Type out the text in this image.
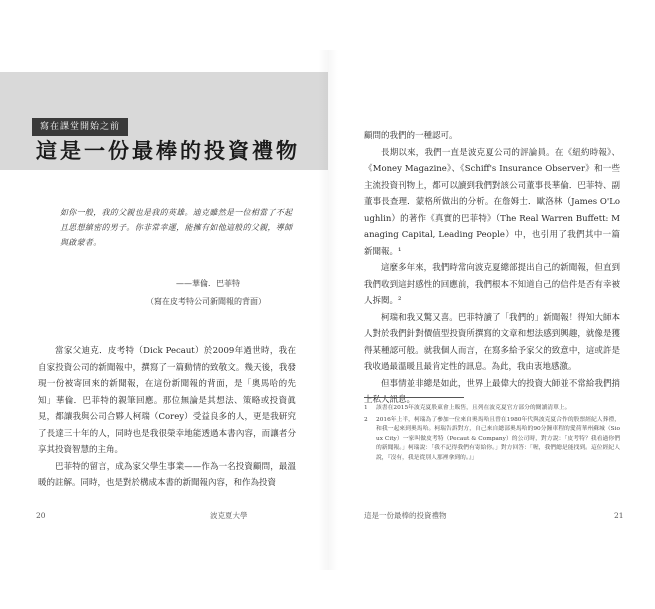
寫在課堂開始之前
這是一份最棒的投資禮物

如你一般，我的父親也是我的英雄。迪克雖然是一位相當了不起且思想縝密的男子。你非常幸運，能擁有如他這般的父親，導師與啟蒙者。

——華倫．巴菲特
（寫在皮考特公司新聞報的背面）

當家父迪克．皮考特（Dick Pecaut）於2009年過世時，我在自家投資公司的新聞報中，撰寫了一篇動情的致敬文。幾天後，我發現一份被寄回來的新聞報，在這份新聞報的背面，是「奧馬哈的先知」華倫．巴菲特的親筆回應。那位無論是其想法、策略或投資眞見，都讓我與公司合夥人柯瑞（Corey）受益良多的人，更是我研究了長達三十年的人，同時也是我很榮幸地能透過本書內容，而讓者分享其投資智慧的主角。

巴菲特的留言，成為家父學生事業——作為一名投資顧問，最溫暖的註解。同時，也是對於構成本書的新聞報內容，和作為投資

20	波克夏大學

顧問的我們的一種認可。

長期以來，我們一直是波克夏公司的評論員。在《紐約時報》、《Money Magazine》、《Schiff's Insurance Observer》和一些主流投資刊物上，都可以讀到我們對該公司董事長華倫．巴菲特、副董事長查理．蒙格所做出的分析。在詹姆士．歐洛林（James O'Loughlin）的著作《真實的巴菲特》（The Real Warren Buffett: Managing Capital, Leading People）中，也引用了我們其中一篇新聞報。¹

這麼多年來，我們時常向波克夏總部提出自己的新聞報，但直到我們收到這封感性的回應前，我們根本不知道自己的信件是否有幸被人拆閱。²

柯瑞和我又驚又喜。巴菲特讀了「我們的」新聞報！得知大師本人對於我們針對價值型投資所撰寫的文章和想法感到興趣，就像是獲得某種認可般。就我個人而言，在寫多給予家父的致意中，這或許是我收過最溫暖且最肯定性的訊息。為此，我由衷地感激。

但事情並非總是如此，世界上最偉大的投資大師並不常給我們捎上私人訊息。

1	該書在2015年波克夏股東會上販售，且列在波克夏官方部分的閱讀清單上。
2	2016年上半，柯瑞為了參加一位來自奧馬哈且曾在1980年代與波克夏合作的股票經紀人葬禮，和我一起來到奧馬哈。柯瑞告訴對方，自己來自總部奧馬哈的90分鐘車程的愛荷華州蘇城（Sioux City）一家叫做皮考特（Pecaut & Company）的公司時，對方說：「皮考特？我看過你們的新聞報。」柯瑞說：「我不記得我們有寄給你。」對方回答：「喔，我們總是能找到。這位經紀人說，『沒有，我是從別人那裡拿到的。』」
這是一份最棒的投資禮物	21
